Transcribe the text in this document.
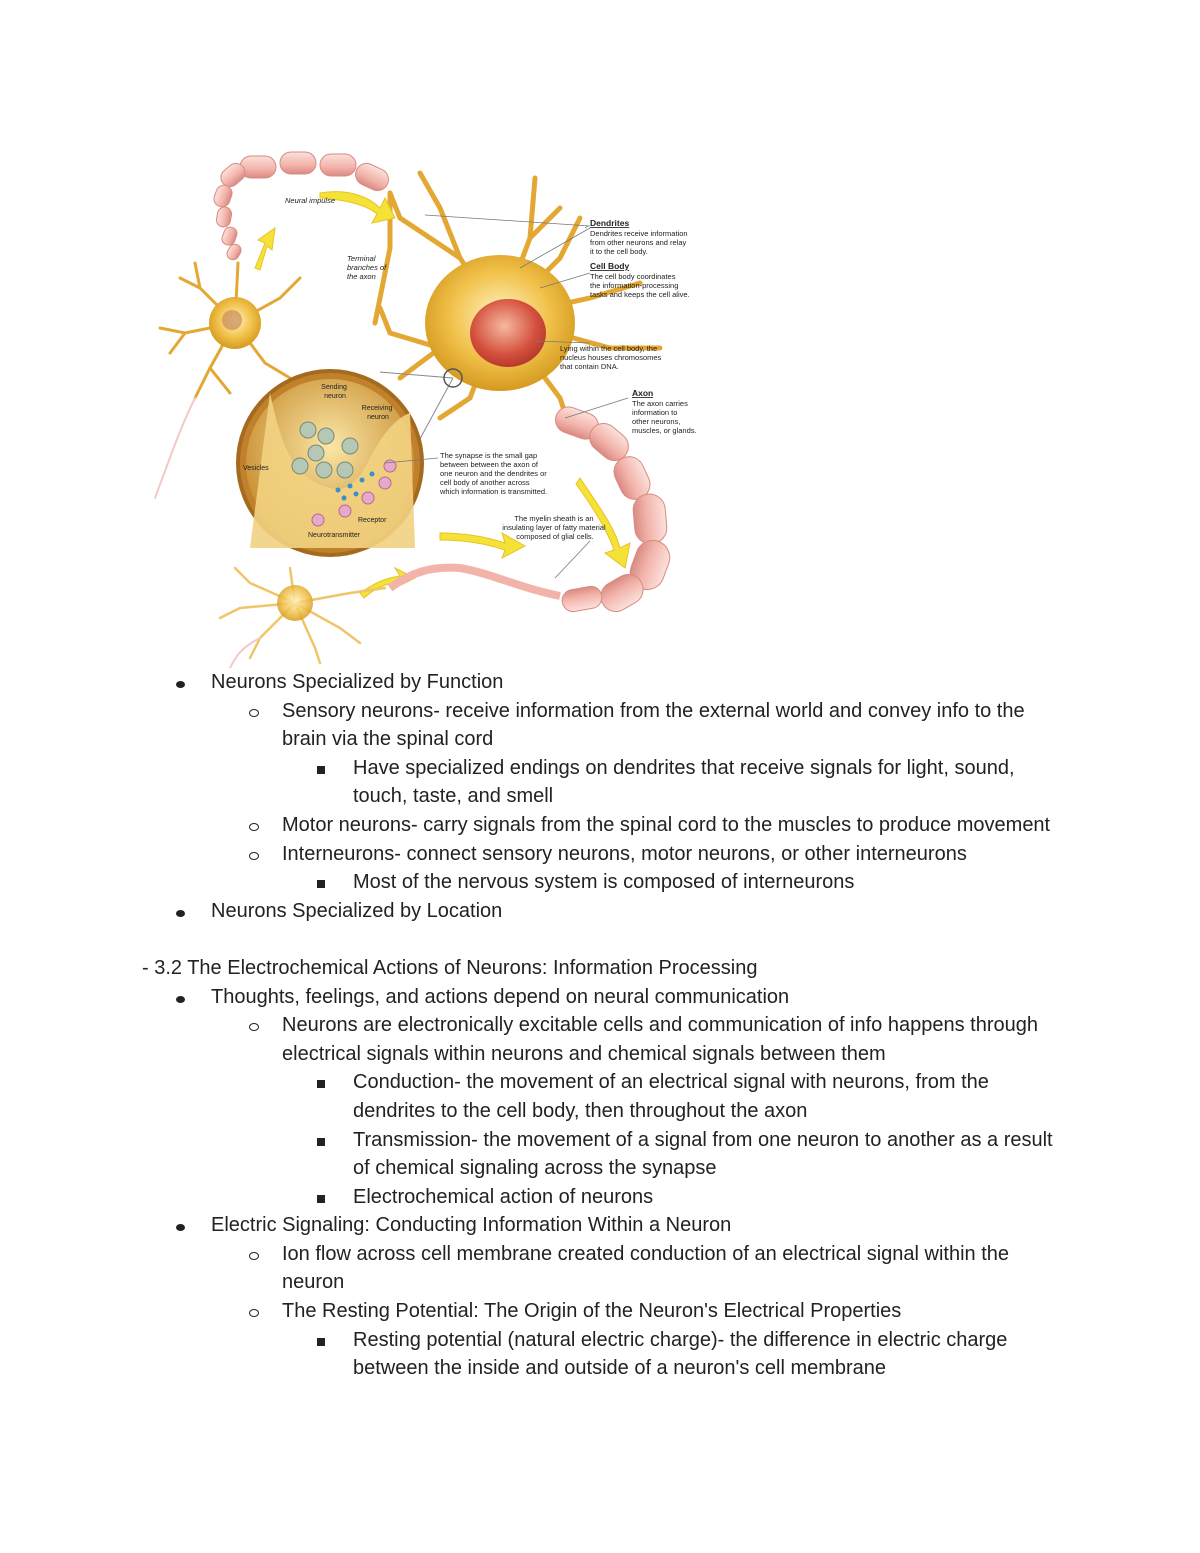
Neural impulse
Terminal branches of the axon
Dendrites
Dendrites receive information from other neurons and relay it to the cell body.
Cell Body
The cell body coordinates the information-processing tasks and keeps the cell alive.
Lying within the cell body, the nucleus houses chromosomes that contain DNA.
Axon
The axon carries information to other neurons, muscles, or glands.
The synapse is the small gap between between the axon of one neuron and the dendrites or cell body of another across which information is transmitted.
The myelin sheath is an insulating layer of fatty material composed of glial cells.
Sending neuron
Receiving neuron
Vesicles
Receptor
Neurotransmitter
Neurons Specialized by Function
Sensory neurons- receive information from the external world and convey info to the brain via the spinal cord
Have specialized endings on dendrites that receive signals for light, sound, touch, taste, and smell
Motor neurons- carry signals from the spinal cord to the muscles to produce movement
Interneurons- connect sensory neurons, motor neurons, or other interneurons
Most of the nervous system is composed of interneurons
Neurons Specialized by Location
- 3.2 The Electrochemical Actions of Neurons: Information Processing
Thoughts, feelings, and actions depend on neural communication
Neurons are electronically excitable cells and communication of info happens through electrical signals within neurons and chemical signals between them
Conduction- the movement of an electrical signal with neurons, from the dendrites to the cell body, then throughout the axon
Transmission- the movement of a signal from one neuron to another as a result of chemical signaling across the synapse
Electrochemical action of neurons
Electric Signaling: Conducting Information Within a Neuron
Ion flow across cell membrane created conduction of an electrical signal within the neuron
The Resting Potential: The Origin of the Neuron's Electrical Properties
Resting potential (natural electric charge)- the difference in electric charge between the inside and outside of a neuron's cell membrane
